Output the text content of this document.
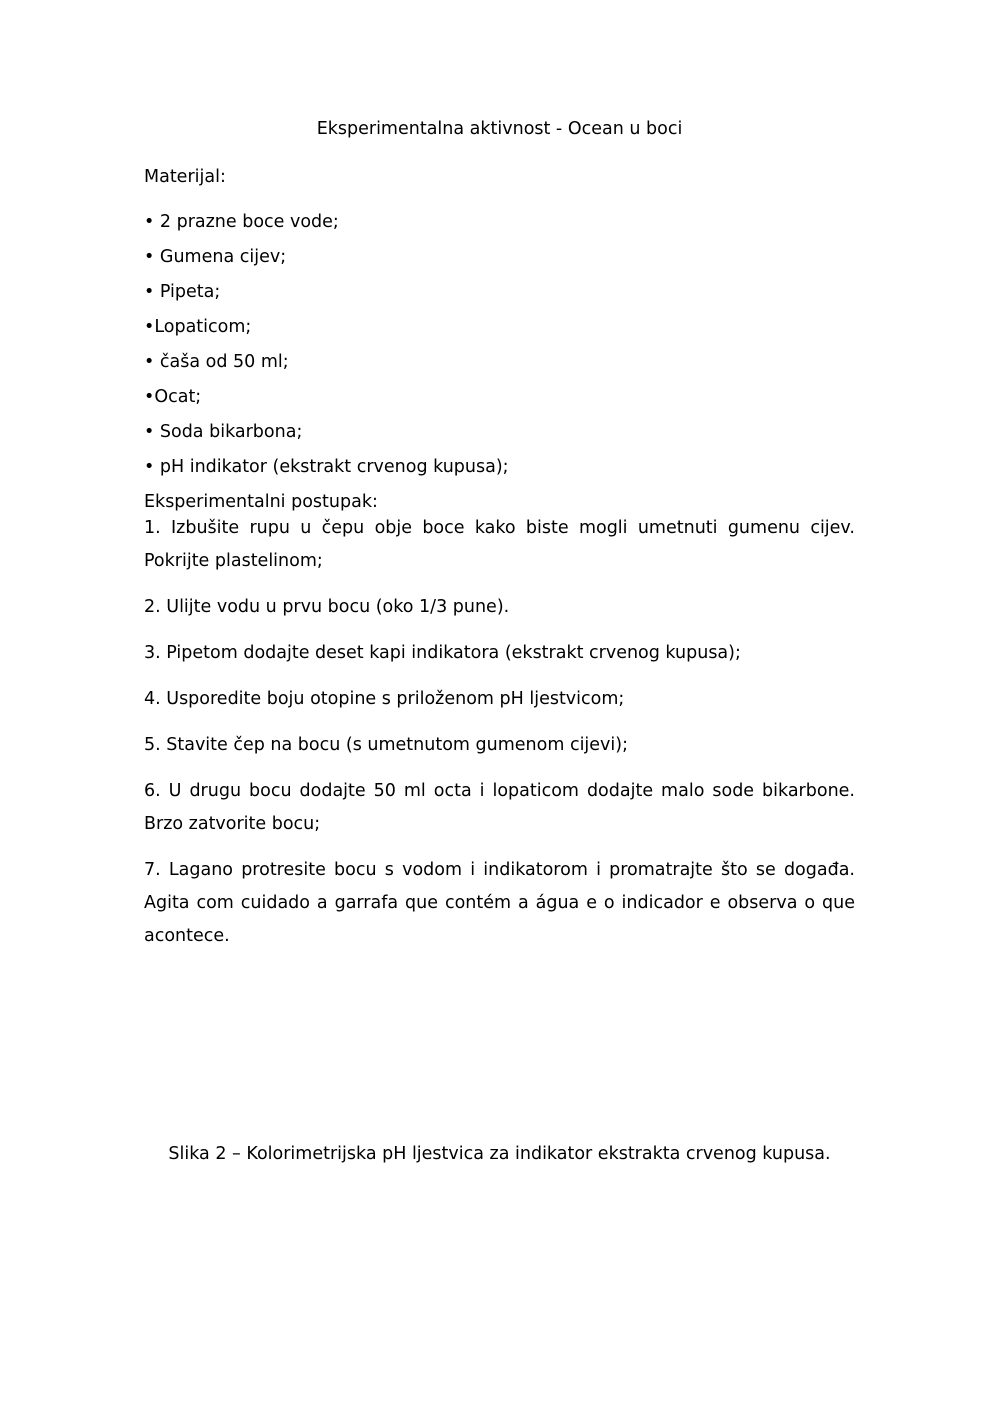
Eksperimentalna aktivnost - Ocean u boci

Materijal:

• 2 prazne boce vode;
• Gumena cijev;
• Pipeta;
•Lopaticom;
• čaša od 50 ml;
•Ocat;
• Soda bikarbona;
• pH indikator (ekstrakt crvenog kupusa);

Eksperimentalni postupak:

1. Izbušite rupu u čepu obje boce kako biste mogli umetnuti gumenu cijev. Pokrijte plastelinom;

2. Ulijte vodu u prvu bocu (oko 1/3 pune).

3. Pipetom dodajte deset kapi indikatora (ekstrakt crvenog kupusa);

4. Usporedite boju otopine s priloženom pH ljestvicom;

5. Stavite čep na bocu (s umetnutom gumenom cijevi);

6. U drugu bocu dodajte 50 ml octa i lopaticom dodajte malo sode bikarbone. Brzo zatvorite bocu;

7. Lagano protresite bocu s vodom i indikatorom i promatrajte što se događa. Agita com cuidado a garrafa que contém a água e o indicador e observa o que acontece.

Slika 2 – Kolorimetrijska pH ljestvica za indikator ekstrakta crvenog kupusa.
